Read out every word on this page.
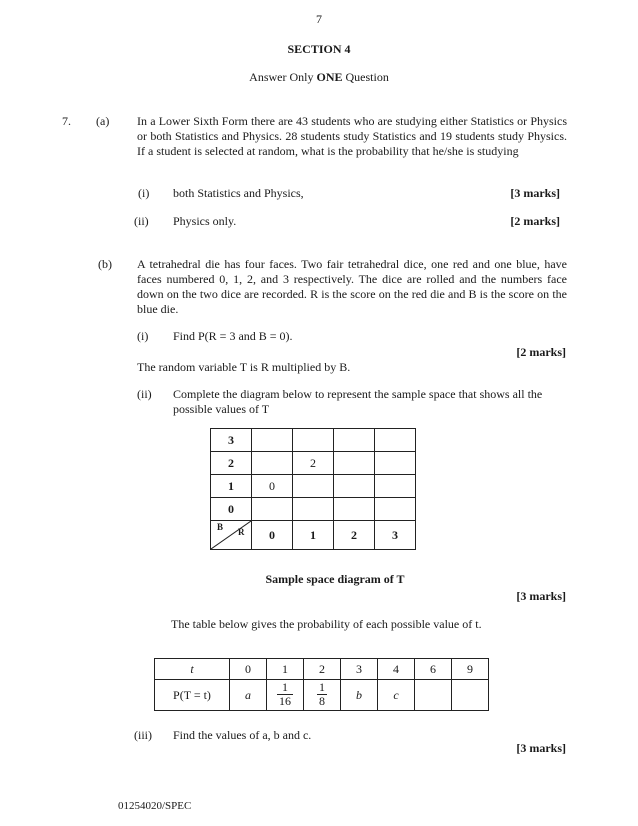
7
SECTION 4
Answer Only ONE Question
7. (a) In a Lower Sixth Form there are 43 students who are studying either Statistics or Physics or both Statistics and Physics. 28 students study Statistics and 19 students study Physics. If a student is selected at random, what is the probability that he/she is studying
(i) both Statistics and Physics,	[3 marks]
(ii) Physics only.	[2 marks]
(b) A tetrahedral die has four faces. Two fair tetrahedral dice, one red and one blue, have faces numbered 0, 1, 2, and 3 respectively. The dice are rolled and the numbers face down on the two dice are recorded. R is the score on the red die and B is the score on the blue die.
(i) Find P(R = 3 and B = 0).
[2 marks]
The random variable T is R multiplied by B.
(ii) Complete the diagram below to represent the sample space that shows all the possible values of T
3				
2		2		
1	0			
0				

B R	0	1	2	3
Sample space diagram of T
[3 marks]
The table below gives the probability of each possible value of t.
t	0	1	2	3	4	6	9
P(T = t)	a	$\frac{1}{16}$	$\frac{1}{8}$	b	c		
(iii) Find the values of a, b and c.
[3 marks]
01254020/SPEC
